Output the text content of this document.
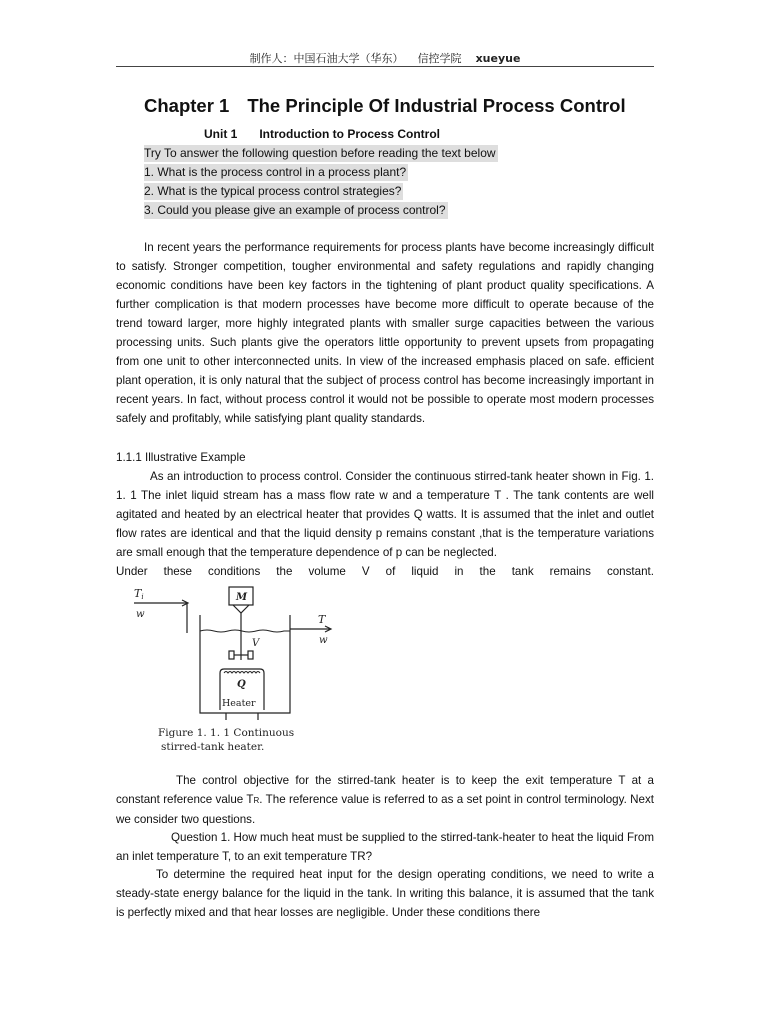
制作人：中国石油大学（华东） 信控学院 xueyue
Chapter 1 The Principle Of Industrial Process Control
Unit 1 Introduction to Process Control
Try To answer the following question before reading the text below
1. What is the process control in a process plant?
2. What is the typical process control strategies?
3. Could you please give an example of process control?

In recent years the performance requirements for process plants have become increasingly difficult to satisfy. Stronger competition, tougher environmental and safety regulations and rapidly changing economic conditions have been key factors in the tightening of plant product quality specifications. A further complication is that modern processes have become more difficult to operate because of the trend toward larger, more highly integrated plants with smaller surge capacities between the various processing units. Such plants give the operators little opportunity to prevent upsets from propagating from one unit to other interconnected units. In view of the increased emphasis placed on safe. efficient plant operation, it is only natural that the subject of process control has become increasingly important in recent years. In fact, without process control it would not be possible to operate most modern processes safely and profitably, while satisfying plant quality standards.

1.1.1 Illustrative Example

As an introduction to process control. Consider the continuous stirred-tank heater shown in Fig. 1. 1. 1 The inlet liquid stream has a mass flow rate w and a temperature T . The tank contents are well agitated and heated by an electrical heater that provides Q watts. It is assumed that the inlet and outlet flow rates are identical and that the liquid density p remains constant ,that is the temperature variations are small enough that the temperature dependence of p can be neglected.

Under these conditions the volume V of liquid in the tank remains constant.

Ti
w	T
w
M
V
Q
Heater
Figure 1. 1. 1 Continuous
stirred-tank heater.

The control objective for the stirred-tank heater is to keep the exit temperature T at a constant reference value TR. The reference value is referred to as a set point in control terminology. Next we consider two questions.

Question 1. How much heat must be supplied to the stirred-tank-heater to heat the liquid From an inlet temperature T, to an exit temperature TR?

To determine the required heat input for the design operating conditions, we need to write a steady-state energy balance for the liquid in the tank. In writing this balance, it is assumed that the tank is perfectly mixed and that hear losses are negligible. Under these conditions there
